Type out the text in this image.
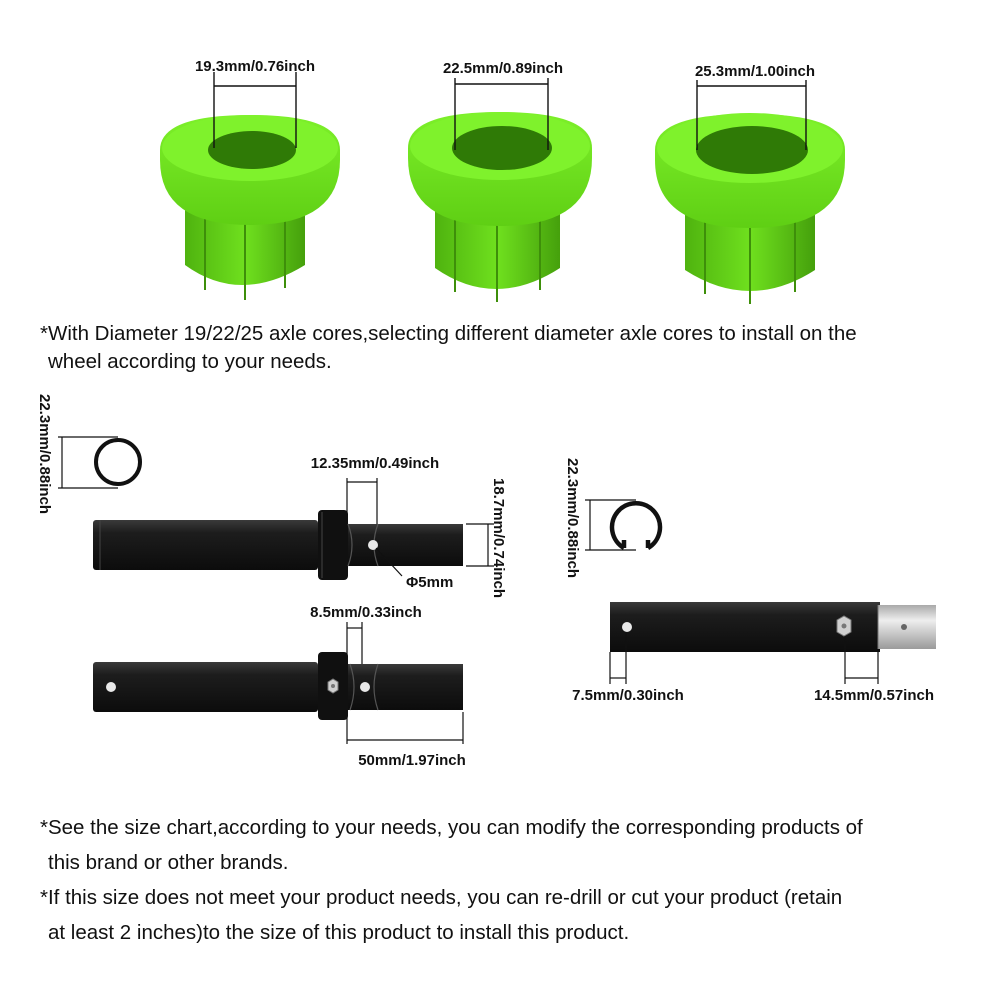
19.3mm/0.76inch	22.5mm/0.89inch	25.3mm/1.00inch
22.3mm/0.88inch	12.35mm/0.49inch
18.7mm/0.74inch
Φ5mm
8.5mm/0.33inch
50mm/1.97inch
22.3mm/0.88inch
7.5mm/0.30inch	14.5mm/0.57inch

*With Diameter 19/22/25 axle cores,selecting different diameter axle cores to install on the
wheel according to your needs.

*See the size chart,according to your needs, you can modify the corresponding products of
this brand or other brands.

*If this size does not meet your product needs, you can re-drill or cut your product (retain
at least 2 inches)to the size of this product to install this product.
